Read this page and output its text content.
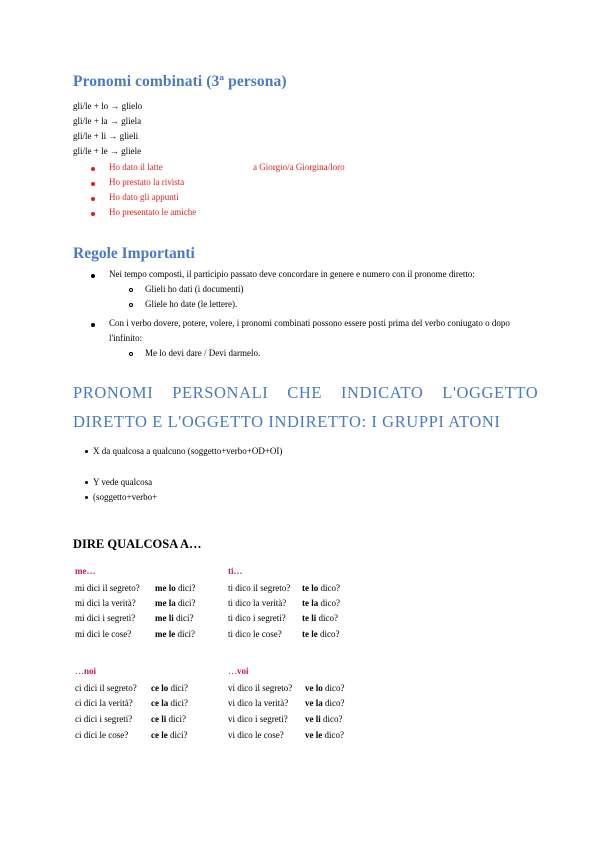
Pronomi combinati (3ª persona)
gli/le + lo → glielo
gli/le + la → gliela
gli/le + li → glieli
gli/le + le → gliele
Ho dato il latte	a Giorgio/a Giorgina/loro
Ho prestato la rivista
Ho dato gli appunti
Ho presentato le amiche
Regole Importanti
Nei tempo composti, il participio passato deve concordare in genere e numero con il pronome diretto:
Glieli ho dati (i documenti)
Gliele ho date (le lettere).
Con i verbo dovere, potere, volere, i pronomi combinati possono essere posti prima del verbo coniugato o dopo
l'infinito:
Me lo devi dare / Devi darmelo.
PRONOMI    PERSONALI    CHE    INDICATO    L'OGGETTO
DIRETTO E L'OGGETTO INDIRETTO: I GRUPPI ATONI
X da qualcosa a qualcuno (soggetto+verbo+OD+OI)
Y vede qualcosa
(soggetto+verbo+
DIRE QUALCOSA A…
me…
mi dici il segreto? me lo dici?
mi dici la verità? me la dici?
mi dici i segreti? me li dici?
mi dici le cose?	me le dici?
ti…
ti dico il segreto? te lo dico?
ti dico la verità? te la dico?
ti dico i segreti? te li dico?
ti dico le cose? te le dico?
…noi
ci dici il segreto? ce lo dici?
ci dici la verità? ce la dici?
ci dici i segreti? ce li dici?
ci dici le cose?	ce le dici?
…voi
vi dico il segreto? ve lo dico?
vi dico la verità? ve la dico?
vi dico i segreti? ve li dico?
vi dico le cose? ve le dico?
